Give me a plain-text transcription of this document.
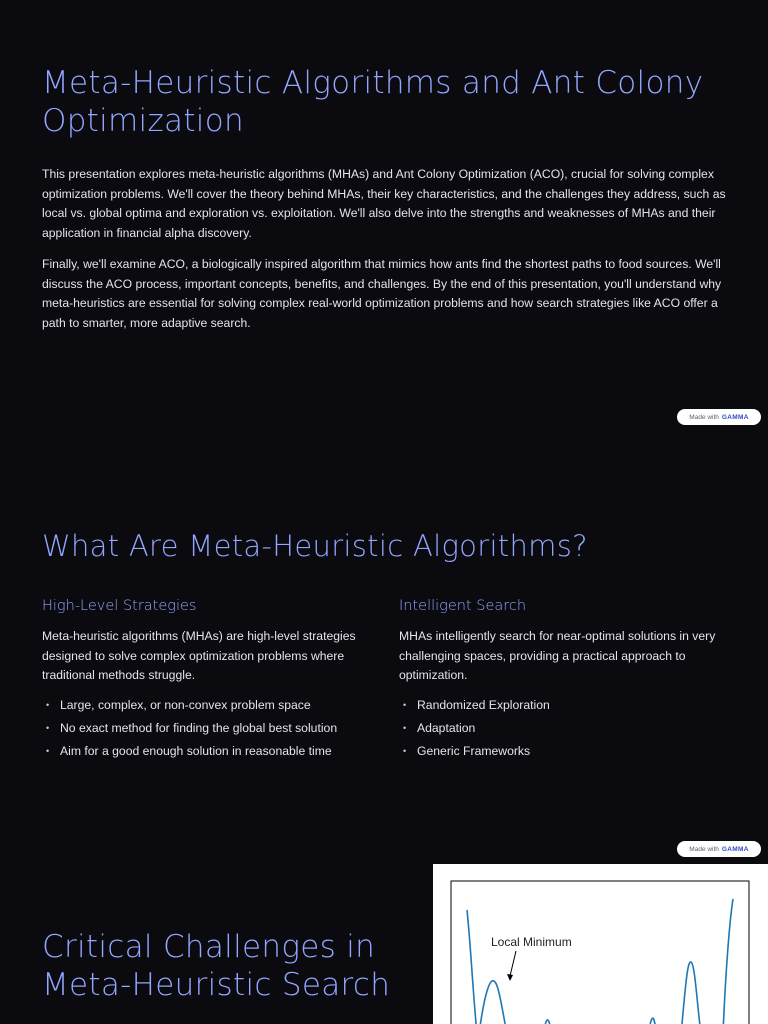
Meta-Heuristic Algorithms and Ant Colony Optimization

This presentation explores meta-heuristic algorithms (MHAs) and Ant Colony Optimization (ACO), crucial for solving complex optimization problems. We'll cover the theory behind MHAs, their key characteristics, and the challenges they address, such as local vs. global optima and exploration vs. exploitation. We'll also delve into the strengths and weaknesses of MHAs and their application in financial alpha discovery.

Finally, we'll examine ACO, a biologically inspired algorithm that mimics how ants find the shortest paths to food sources. We'll discuss the ACO process, important concepts, benefits, and challenges. By the end of this presentation, you'll understand why meta-heuristics are essential for solving complex real-world optimization problems and how search strategies like ACO offer a path to smarter, more adaptive search.

Made with GAMMA
What Are Meta-Heuristic Algorithms?
High-Level Strategies

Meta-heuristic algorithms (MHAs) are high-level strategies designed to solve complex optimization problems where traditional methods struggle.

• Large, complex, or non-convex problem space
• No exact method for finding the global best solution
• Aim for a good enough solution in reasonable time
Intelligent Search

MHAs intelligently search for near-optimal solutions in very challenging spaces, providing a practical approach to optimization.

• Randomized Exploration
• Adaptation
• Generic Frameworks
Made with GAMMA
Critical Challenges in Meta-Heuristic Search
Local Minimum
